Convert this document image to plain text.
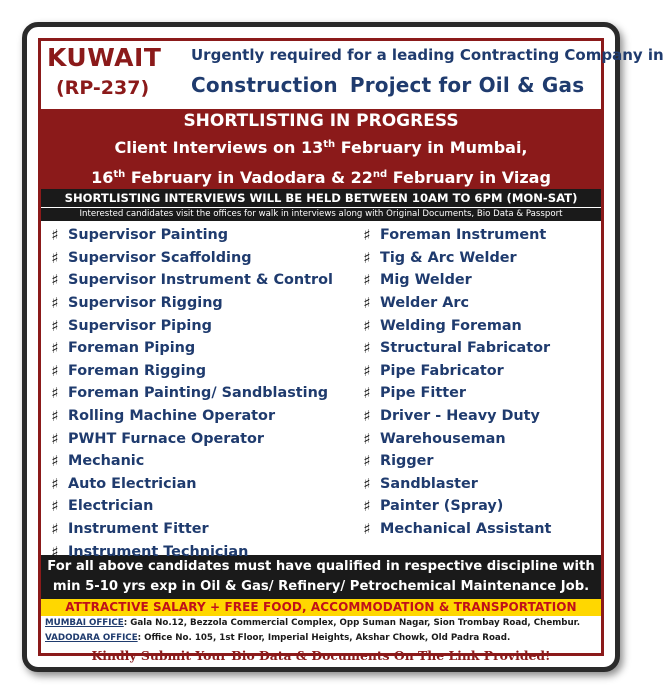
KUWAIT
(RP-237)
Urgently required for a leading Contracting Company in
Construction Project for Oil & Gas
SHORTLISTING IN PROGRESS
Client Interviews on 13th February in Mumbai,
16th February in Vadodara & 22nd February in Vizag
SHORTLISTING INTERVIEWS WILL BE HELD BETWEEN 10AM TO 6PM (MON-SAT)
Interested candidates visit the offices for walk in interviews along with Original Documents, Bio Data & Passport
♯ Supervisor Painting
♯ Supervisor Scaffolding
♯ Supervisor Instrument & Control
♯ Supervisor Rigging
♯ Supervisor Piping
♯ Foreman Piping
♯ Foreman Rigging
♯ Foreman Painting/ Sandblasting
♯ Rolling Machine Operator
♯ PWHT Furnace Operator
♯ Mechanic
♯ Auto Electrician
♯ Electrician
♯ Instrument Fitter
♯ Instrument Technician
♯ Foreman Instrument
♯ Tig & Arc Welder
♯ Mig Welder
♯ Welder Arc
♯ Welding Foreman
♯ Structural Fabricator
♯ Pipe Fabricator
♯ Pipe Fitter
♯ Driver - Heavy Duty
♯ Warehouseman
♯ Rigger
♯ Sandblaster
♯ Painter (Spray)
♯ Mechanical Assistant
For all above candidates must have qualified in respective discipline with
min 5-10 yrs exp in Oil & Gas/ Refinery/ Petrochemical Maintenance Job.
ATTRACTIVE SALARY + FREE FOOD, ACCOMMODATION & TRANSPORTATION
MUMBAI OFFICE: Gala No.12, Bezzola Commercial Complex, Opp Suman Nagar, Sion Trombay Road, Chembur.
VADODARA OFFICE: Office No. 105, 1st Floor, Imperial Heights, Akshar Chowk, Old Padra Road.
Kindly Submit Your Bio Data & Documents On The Link Provided!
